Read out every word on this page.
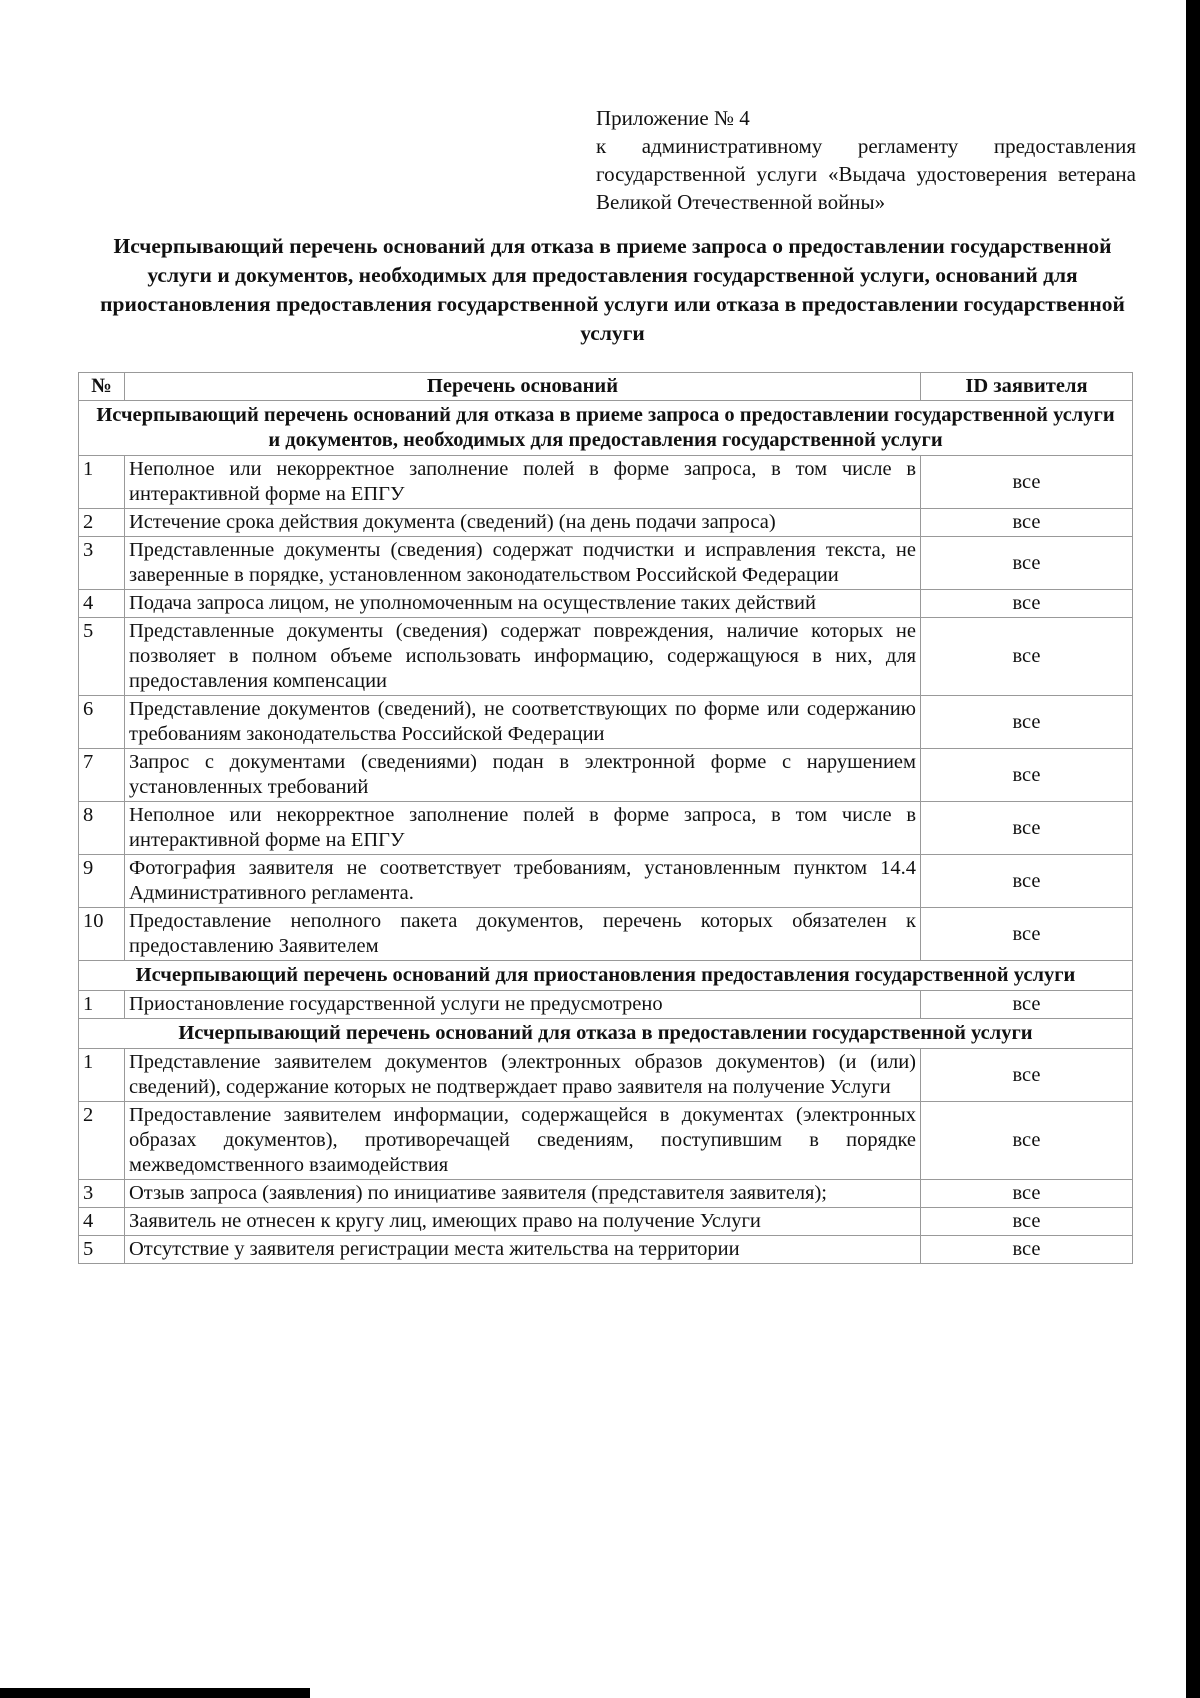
Приложение № 4
к административному регламенту предоставления государственной услуги «Выдача удостоверения ветерана Великой Отечественной войны»
Исчерпывающий перечень оснований для отказа в приеме запроса о предоставлении государственной услуги и документов, необходимых для предоставления государственной услуги, оснований для приостановления предоставления государственной услуги или отказа в предоставлении государственной услуги
№	Перечень оснований	ID заявителя
Исчерпывающий перечень оснований для отказа в приеме запроса о предоставлении государственной услуги и документов, необходимых для предоставления государственной услуги		
1	Неполное или некорректное заполнение полей в форме запроса, в том числе в интерактивной форме на ЕПГУ	все
2	Истечение срока действия документа (сведений) (на день подачи запроса)	все
3	Представленные документы (сведения) содержат подчистки и исправления текста, не заверенные в порядке, установленном законодательством Российской Федерации	все
4	Подача запроса лицом, не уполномоченным на осуществление таких действий	все
5	Представленные документы (сведения) содержат повреждения, наличие которых не позволяет в полном объеме использовать информацию, содержащуюся в них, для предоставления компенсации	все
6	Представление документов (сведений), не соответствующих по форме или содержанию требованиям законодательства Российской Федерации	все
7	Запрос с документами (сведениями) подан в электронной форме с нарушением установленных требований	все
8	Неполное или некорректное заполнение полей в форме запроса, в том числе в интерактивной форме на ЕПГУ	все
9	Фотография заявителя не соответствует требованиям, установленным пунктом 14.4 Административного регламента.	все
10	Предоставление неполного пакета документов, перечень которых обязателен к предоставлению Заявителем	все
Исчерпывающий перечень оснований для приостановления предоставления государственной услуги		
1	Приостановление государственной услуги не предусмотрено	все
Исчерпывающий перечень оснований для отказа в предоставлении государственной услуги		
1	Представление заявителем документов (электронных образов документов) (и (или) сведений), содержание которых не подтверждает право заявителя на получение Услуги	все
2	Предоставление заявителем информации, содержащейся в документах (электронных образах документов), противоречащей сведениям, поступившим в порядке межведомственного взаимодействия	все
3	Отзыв запроса (заявления) по инициативе заявителя (представителя заявителя);	все
4	Заявитель не отнесен к кругу лиц, имеющих право на получение Услуги	все
5	Отсутствие у заявителя регистрации места жительства на территории	все
